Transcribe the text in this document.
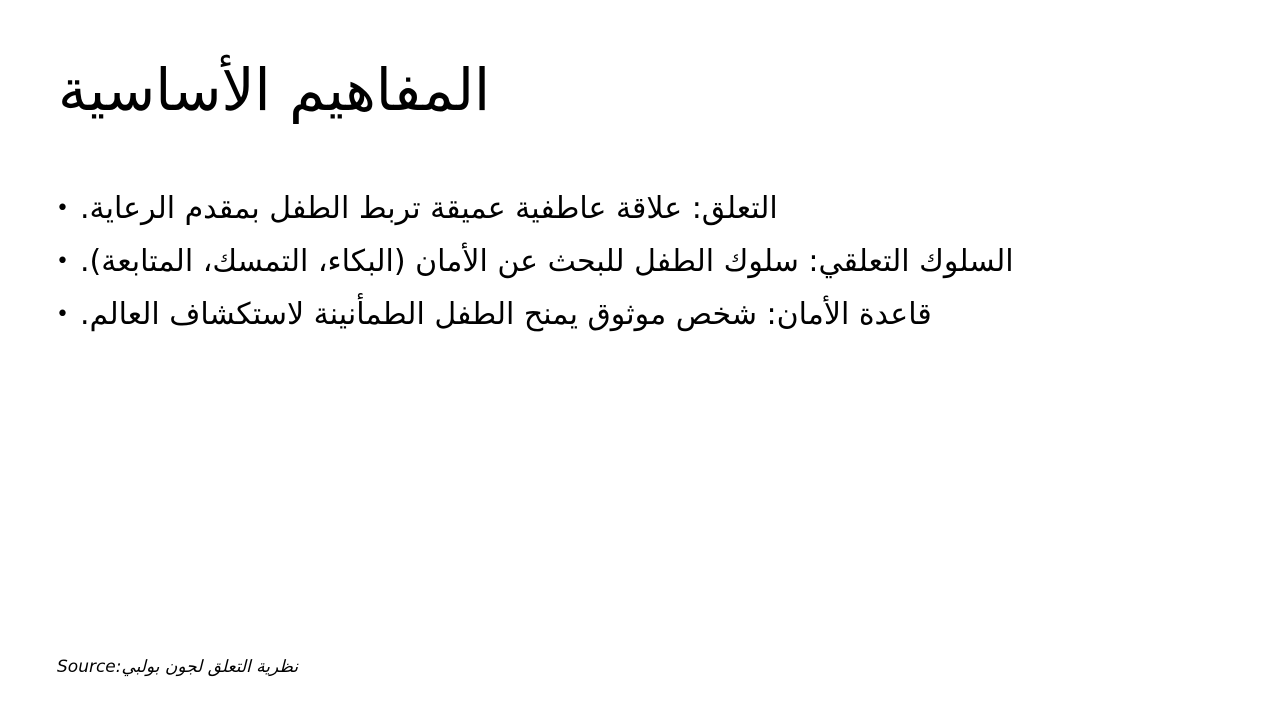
المفاهيم الأساسية
• التعلق: علاقة عاطفية عميقة تربط الطفل بمقدم الرعاية.
• السلوك التعلقي: سلوك الطفل للبحث عن الأمان (البكاء، التمسك، المتابعة).
• قاعدة الأمان: شخص موثوق يمنح الطفل الطمأنينة لاستكشاف العالم.
Source:نظرية التعلق لجون بولبي
